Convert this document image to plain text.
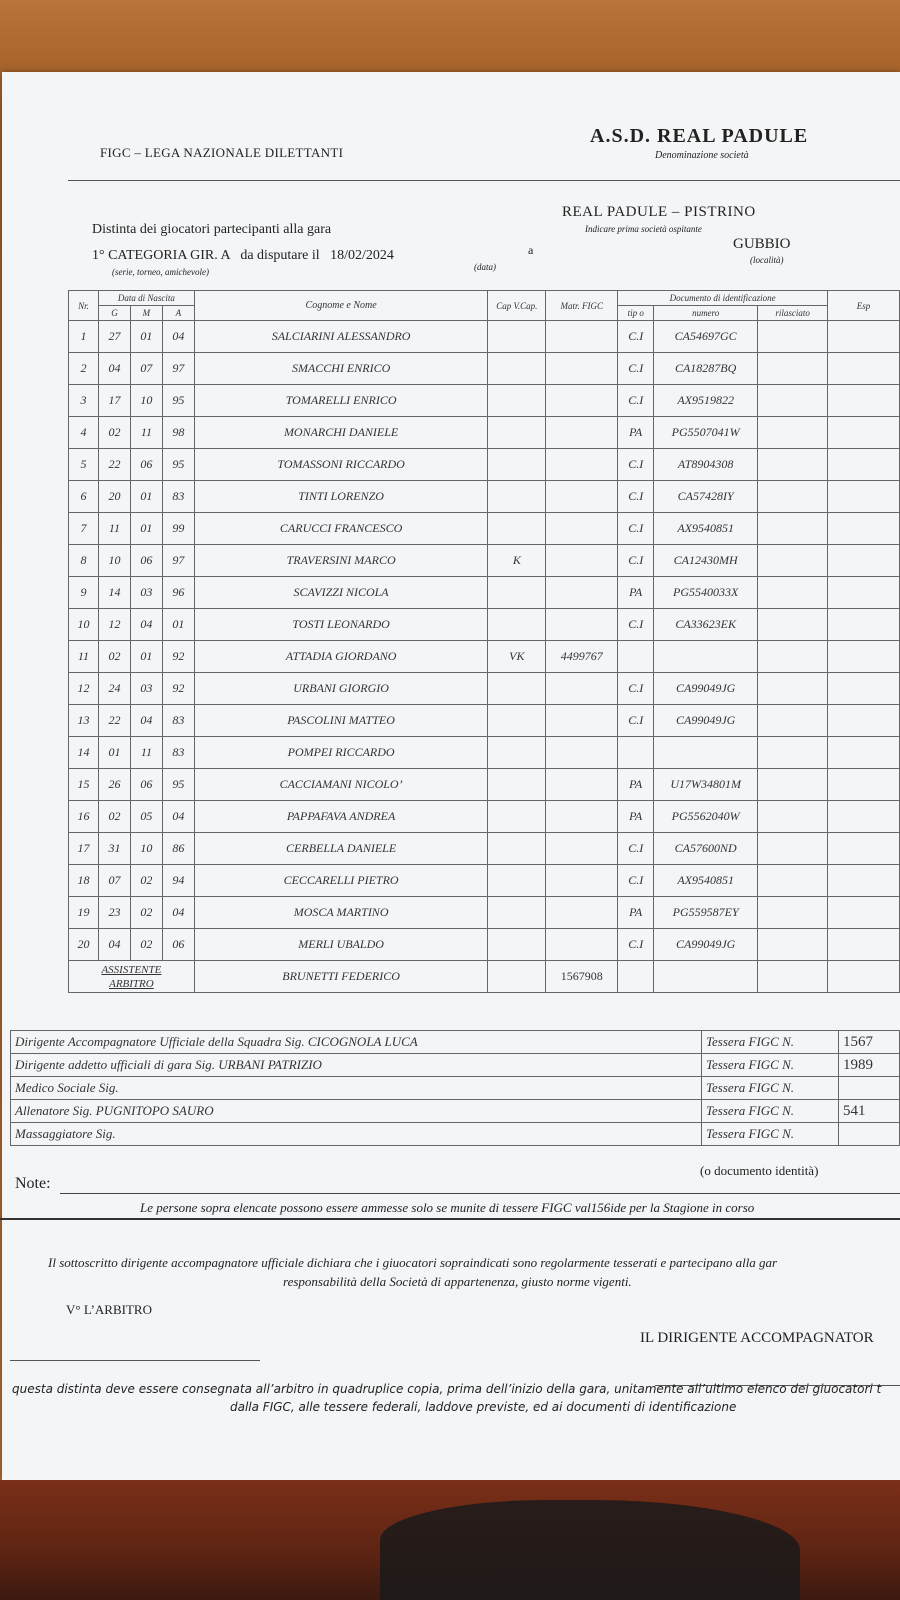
FIGC – LEGA NAZIONALE DILETTANTI
A.S.D. REAL PADULE
Denominazione società
Distinta dei giocatori partecipanti alla gara
REAL PADULE – PISTRINO
Indicare prima società ospitante
1° CATEGORIA GIR. A da disputare il 18/02/2024
(serie, torneo, amichevole)	(data)
a	GUBBIO
(località)
Nr.	Data di Nascita			Cognome e Nome	Cap V.Cap.	Matr. FIGC	Documento di identificazione			Esp
	G	M	A				tip o	numero	rilasciato	
1	27	01	04	SALCIARINI ALESSANDRO			C.I	CA54697GC		
2	04	07	97	SMACCHI ENRICO			C.I	CA18287BQ		
3	17	10	95	TOMARELLI ENRICO			C.I	AX9519822		
4	02	11	98	MONARCHI DANIELE			PA	PG5507041W		
5	22	06	95	TOMASSONI RICCARDO			C.I	AT8904308		
6	20	01	83	TINTI LORENZO			C.I	CA57428IY		
7	11	01	99	CARUCCI FRANCESCO			C.I	AX9540851		
8	10	06	97	TRAVERSINI MARCO	K		C.I	CA12430MH		
9	14	03	96	SCAVIZZI NICOLA			PA	PG5540033X		
10	12	04	01	TOSTI LEONARDO			C.I	CA33623EK		
11	02	01	92	ATTADIA GIORDANO	VK	4499767				
12	24	03	92	URBANI GIORGIO			C.I	CA99049JG		
13	22	04	83	PASCOLINI MATTEO			C.I	CA99049JG		
14	01	11	83	POMPEI RICCARDO						
15	26	06	95	CACCIAMANI NICOLO’			PA	U17W34801M		
16	02	05	04	PAPPAFAVA ANDREA			PA	PG5562040W		
17	31	10	86	CERBELLA DANIELE			C.I	CA57600ND		
18	07	02	94	CECCARELLI PIETRO			C.I	AX9540851		
19	23	02	04	MOSCA MARTINO			PA	PG559587EY		
20	04	02	06	MERLI UBALDO			C.I	CA99049JG		

ASSISTENTE
ARBITRO				BRUNETTI FEDERICO		1567908				
Dirigente Accompagnatore Ufficiale della Squadra Sig. CICOGNOLA LUCA	Tessera FIGC N.	1567
Dirigente addetto ufficiali di gara Sig. URBANI PATRIZIO	Tessera FIGC N.	1989
Medico Sociale Sig.	Tessera FIGC N.	
Allenatore Sig. PUGNITOPO SAURO	Tessera FIGC N.	541
Massaggiatore Sig.	Tessera FIGC N.	
(o documento identità)
Note:
Le persone sopra elencate possono essere ammesse solo se munite di tessere FIGC val156ide per la Stagione in corso
Il sottoscritto dirigente accompagnatore ufficiale dichiara che i giuocatori sopraindicati sono regolarmente tesserati e partecipano alla gar
responsabilità della Società di appartenenza, giusto norme vigenti.
V° L’ARBITRO
IL DIRIGENTE ACCOMPAGNATOR
questa distinta deve essere consegnata all’arbitro in quadruplice copia, prima dell’inizio della gara, unitamente all’ultimo elenco dei giuocatori t
dalla FIGC, alle tessere federali, laddove previste, ed ai documenti di identificazione
